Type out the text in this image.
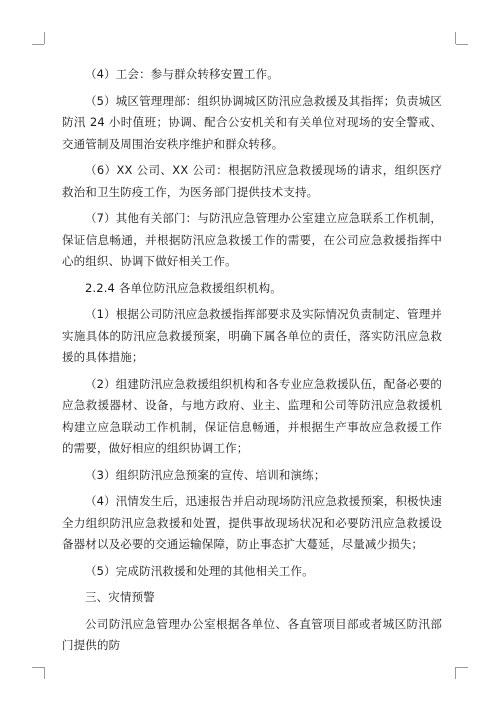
（4）工会：参与群众转移安置工作。

（5）城区管理理部：组织协调城区防汛应急救援及其指挥；负责城区防汛 24 小时值班；协调、配合公安机关和有关单位对现场的安全警戒、交通管制及周围治安秩序维护和群众转移。

（6）XX 公司、XX 公司：根据防汛应急救援现场的请求，组织医疗救治和卫生防疫工作，为医务部门提供技术支持。

（7）其他有关部门：与防汛应急管理办公室建立应急联系工作机制，保证信息畅通，并根据防汛应急救援工作的需要，在公司应急救援指挥中心的组织、协调下做好相关工作。

2.2.4 各单位防汛应急救援组织机构。

（1）根据公司防汛应急救援指挥部要求及实际情况负责制定、管理并实施具体的防汛应急救援预案，明确下属各单位的责任，落实防汛应急救援的具体措施；

（2）组建防汛应急救援组织机构和各专业应急救援队伍，配备必要的应急救援器材、设备，与地方政府、业主、监理和公司等防汛应急救援机构建立应急联动工作机制，保证信息畅通，并根据生产事故应急救援工作的需要，做好相应的组织协调工作；

（3）组织防汛应急预案的宣传、培训和演练；

（4）汛情发生后，迅速报告并启动现场防汛应急救援预案，积极快速全力组织防汛应急救援和处置，提供事故现场状况和必要防汛应急救援设备器材以及必要的交通运输保障，防止事态扩大蔓延，尽量减少损失；

（5）完成防汛救援和处理的其他相关工作。

三、灾情预警

公司防汛应急管理办公室根据各单位、各直管项目部或者城区防汛部门提供的防
